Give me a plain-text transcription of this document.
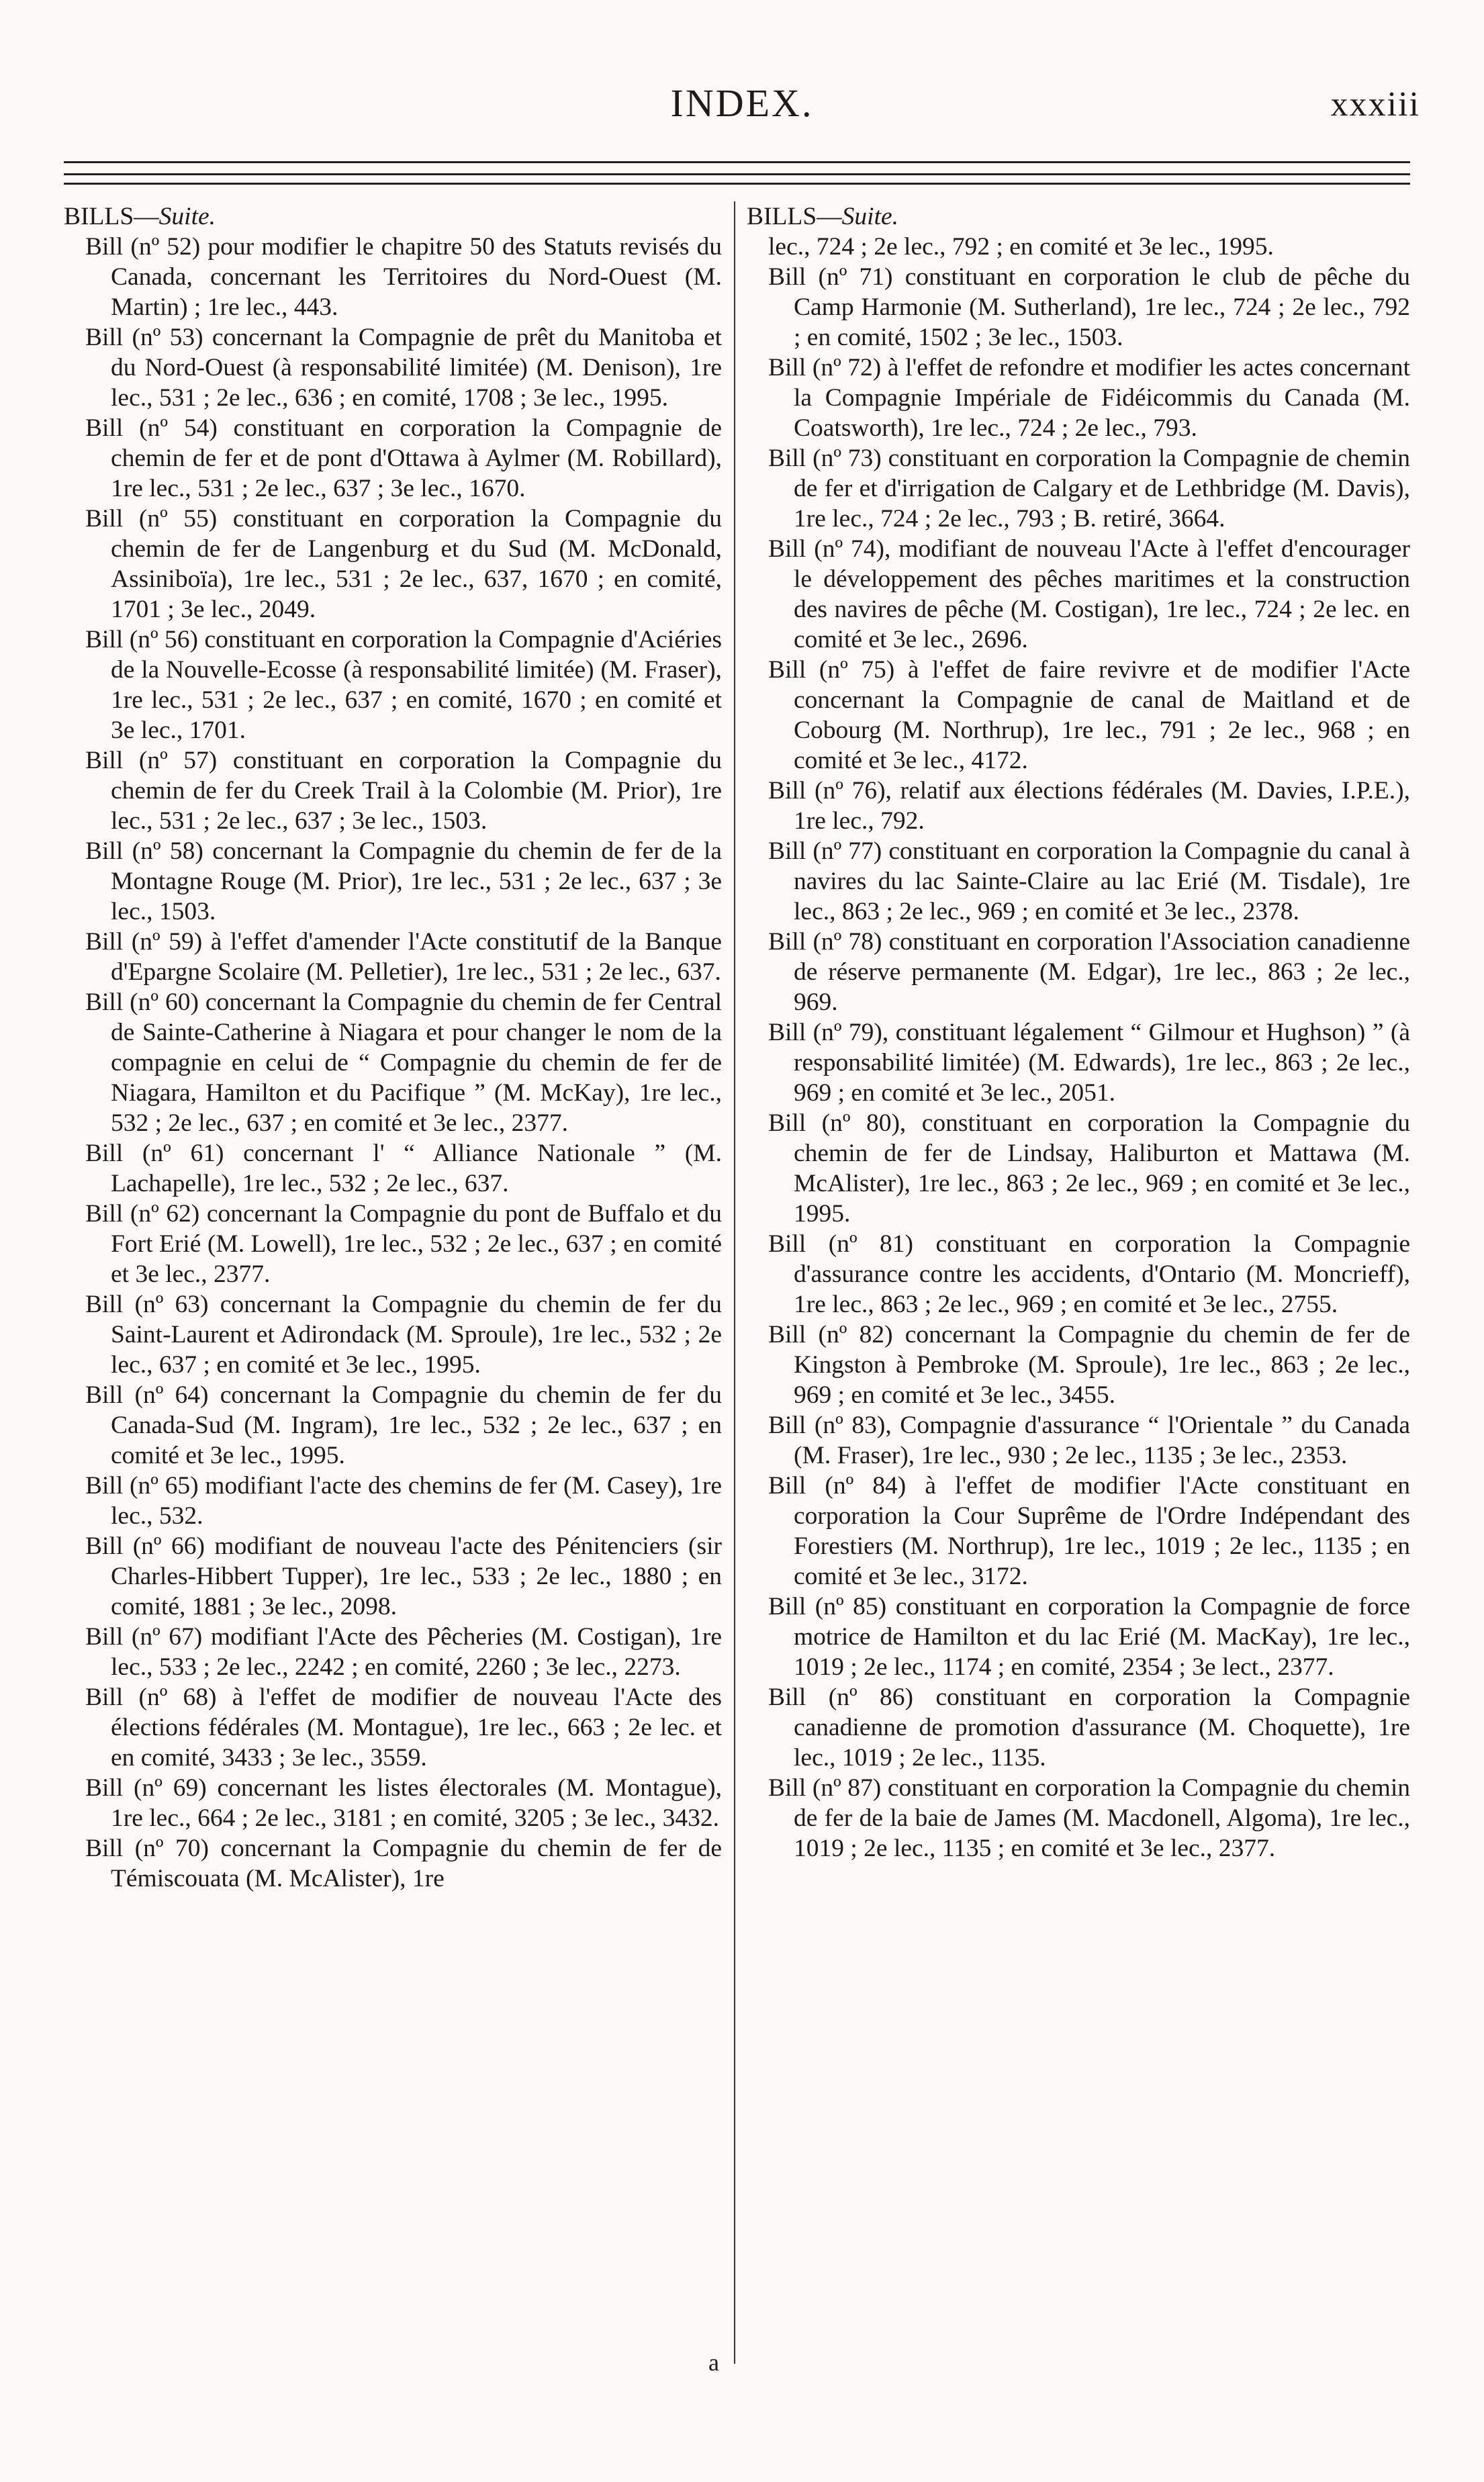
INDEX.	xxxiii
BILLS—Suite.

Bill (nº 52) pour modifier le chapitre 50 des Statuts revisés du Canada, concernant les Territoires du Nord-Ouest (M. Martin) ; 1re lec., 443.

Bill (nº 53) concernant la Compagnie de prêt du Manitoba et du Nord-Ouest (à responsabilité limitée) (M. Denison), 1re lec., 531 ; 2e lec., 636 ; en comité, 1708 ; 3e lec., 1995.

Bill (nº 54) constituant en corporation la Compagnie de chemin de fer et de pont d'Ottawa à Aylmer (M. Robillard), 1re lec., 531 ; 2e lec., 637 ; 3e lec., 1670.

Bill (nº 55) constituant en corporation la Compagnie du chemin de fer de Langenburg et du Sud (M. McDonald, Assiniboïa), 1re lec., 531 ; 2e lec., 637, 1670 ; en comité, 1701 ; 3e lec., 2049.

Bill (nº 56) constituant en corporation la Compagnie d'Aciéries de la Nouvelle-Ecosse (à responsabilité limitée) (M. Fraser), 1re lec., 531 ; 2e lec., 637 ; en comité, 1670 ; en comité et 3e lec., 1701.

Bill (nº 57) constituant en corporation la Compagnie du chemin de fer du Creek Trail à la Colombie (M. Prior), 1re lec., 531 ; 2e lec., 637 ; 3e lec., 1503.

Bill (nº 58) concernant la Compagnie du chemin de fer de la Montagne Rouge (M. Prior), 1re lec., 531 ; 2e lec., 637 ; 3e lec., 1503.

Bill (nº 59) à l'effet d'amender l'Acte constitutif de la Banque d'Epargne Scolaire (M. Pelletier), 1re lec., 531 ; 2e lec., 637.

Bill (nº 60) concernant la Compagnie du chemin de fer Central de Sainte-Catherine à Niagara et pour changer le nom de la compagnie en celui de “ Compagnie du chemin de fer de Niagara, Hamilton et du Pacifique ” (M. McKay), 1re lec., 532 ; 2e lec., 637 ; en comité et 3e lec., 2377.

Bill (nº 61) concernant l' “ Alliance Nationale ” (M. Lachapelle), 1re lec., 532 ; 2e lec., 637.

Bill (nº 62) concernant la Compagnie du pont de Buffalo et du Fort Erié (M. Lowell), 1re lec., 532 ; 2e lec., 637 ; en comité et 3e lec., 2377.

Bill (nº 63) concernant la Compagnie du chemin de fer du Saint-Laurent et Adirondack (M. Sproule), 1re lec., 532 ; 2e lec., 637 ; en comité et 3e lec., 1995.

Bill (nº 64) concernant la Compagnie du chemin de fer du Canada-Sud (M. Ingram), 1re lec., 532 ; 2e lec., 637 ; en comité et 3e lec., 1995.

Bill (nº 65) modifiant l'acte des chemins de fer (M. Casey), 1re lec., 532.

Bill (nº 66) modifiant de nouveau l'acte des Pénitenciers (sir Charles-Hibbert Tupper), 1re lec., 533 ; 2e lec., 1880 ; en comité, 1881 ; 3e lec., 2098.

Bill (nº 67) modifiant l'Acte des Pêcheries (M. Costigan), 1re lec., 533 ; 2e lec., 2242 ; en comité, 2260 ; 3e lec., 2273.

Bill (nº 68) à l'effet de modifier de nouveau l'Acte des élections fédérales (M. Montague), 1re lec., 663 ; 2e lec. et en comité, 3433 ; 3e lec., 3559.

Bill (nº 69) concernant les listes électorales (M. Montague), 1re lec., 664 ; 2e lec., 3181 ; en comité, 3205 ; 3e lec., 3432.

Bill (nº 70) concernant la Compagnie du chemin de fer de Témiscouata (M. McAlister), 1re

BILLS—Suite.

lec., 724 ; 2e lec., 792 ; en comité et 3e lec., 1995.

Bill (nº 71) constituant en corporation le club de pêche du Camp Harmonie (M. Sutherland), 1re lec., 724 ; 2e lec., 792 ; en comité, 1502 ; 3e lec., 1503.

Bill (nº 72) à l'effet de refondre et modifier les actes concernant la Compagnie Impériale de Fidéicommis du Canada (M. Coatsworth), 1re lec., 724 ; 2e lec., 793.

Bill (nº 73) constituant en corporation la Compagnie de chemin de fer et d'irrigation de Calgary et de Lethbridge (M. Davis), 1re lec., 724 ; 2e lec., 793 ; B. retiré, 3664.

Bill (nº 74), modifiant de nouveau l'Acte à l'effet d'encourager le développement des pêches maritimes et la construction des navires de pêche (M. Costigan), 1re lec., 724 ; 2e lec. en comité et 3e lec., 2696.

Bill (nº 75) à l'effet de faire revivre et de modifier l'Acte concernant la Compagnie de canal de Maitland et de Cobourg (M. Northrup), 1re lec., 791 ; 2e lec., 968 ; en comité et 3e lec., 4172.

Bill (nº 76), relatif aux élections fédérales (M. Davies, I.P.E.), 1re lec., 792.

Bill (nº 77) constituant en corporation la Compagnie du canal à navires du lac Sainte-Claire au lac Erié (M. Tisdale), 1re lec., 863 ; 2e lec., 969 ; en comité et 3e lec., 2378.

Bill (nº 78) constituant en corporation l'Association canadienne de réserve permanente (M. Edgar), 1re lec., 863 ; 2e lec., 969.

Bill (nº 79), constituant légalement “ Gilmour et Hughson) ” (à responsabilité limitée) (M. Edwards), 1re lec., 863 ; 2e lec., 969 ; en comité et 3e lec., 2051.

Bill (nº 80), constituant en corporation la Compagnie du chemin de fer de Lindsay, Haliburton et Mattawa (M. McAlister), 1re lec., 863 ; 2e lec., 969 ; en comité et 3e lec., 1995.

Bill (nº 81) constituant en corporation la Compagnie d'assurance contre les accidents, d'Ontario (M. Moncrieff), 1re lec., 863 ; 2e lec., 969 ; en comité et 3e lec., 2755.

Bill (nº 82) concernant la Compagnie du chemin de fer de Kingston à Pembroke (M. Sproule), 1re lec., 863 ; 2e lec., 969 ; en comité et 3e lec., 3455.

Bill (nº 83), Compagnie d'assurance “ l'Orientale ” du Canada (M. Fraser), 1re lec., 930 ; 2e lec., 1135 ; 3e lec., 2353.

Bill (nº 84) à l'effet de modifier l'Acte constituant en corporation la Cour Suprême de l'Ordre Indépendant des Forestiers (M. Northrup), 1re lec., 1019 ; 2e lec., 1135 ; en comité et 3e lec., 3172.

Bill (nº 85) constituant en corporation la Compagnie de force motrice de Hamilton et du lac Erié (M. MacKay), 1re lec., 1019 ; 2e lec., 1174 ; en comité, 2354 ; 3e lect., 2377.

Bill (nº 86) constituant en corporation la Compagnie canadienne de promotion d'assurance (M. Choquette), 1re lec., 1019 ; 2e lec., 1135.

Bill (nº 87) constituant en corporation la Compagnie du chemin de fer de la baie de James (M. Macdonell, Algoma), 1re lec., 1019 ; 2e lec., 1135 ; en comité et 3e lec., 2377.

a
